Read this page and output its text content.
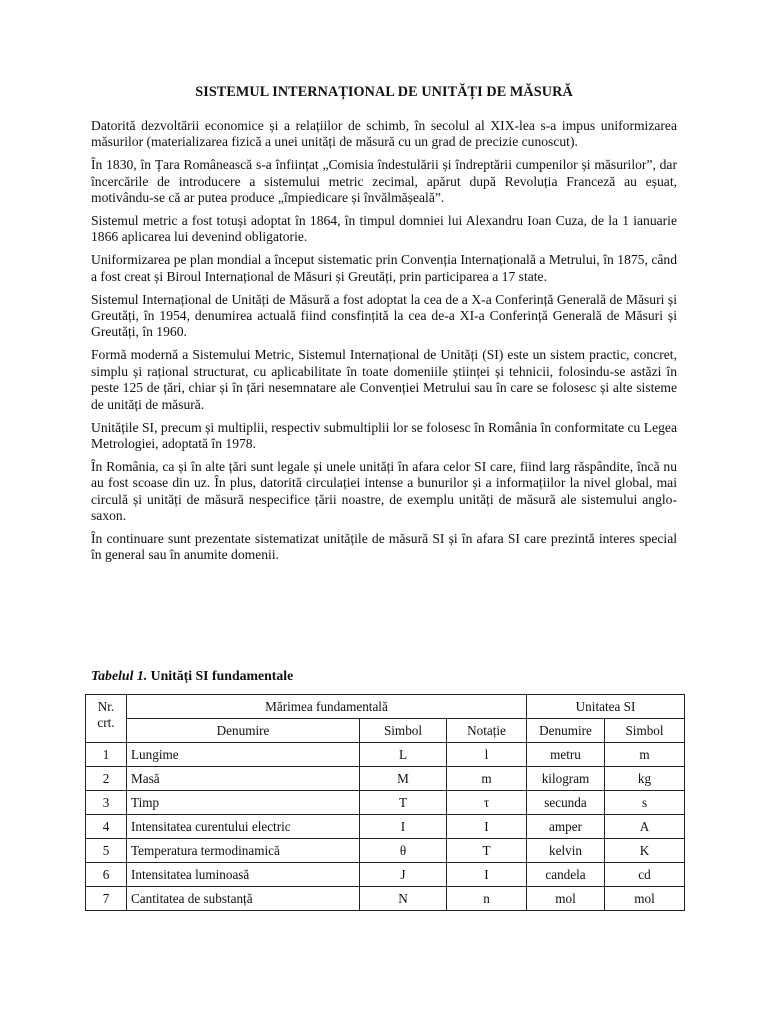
SISTEMUL INTERNAȚIONAL DE UNITĂȚI DE MĂSURĂ

Datorită dezvoltării economice și a relațiilor de schimb, în secolul al XIX-lea s-a impus uniformizarea măsurilor (materializarea fizică a unei unități de măsură cu un grad de precizie cunoscut).

În 1830, în Țara Românească s-a înființat „Comisia îndestulării și îndreptării cumpenilor și măsurilor”, dar încercările de introducere a sistemului metric zecimal, apărut după Revoluția Franceză au eșuat, motivându-se că ar putea produce „împiedicare și învălmășeală”.

Sistemul metric a fost totuși adoptat în 1864, în timpul domniei lui Alexandru Ioan Cuza, de la 1 ianuarie 1866 aplicarea lui devenind obligatorie.

Uniformizarea pe plan mondial a început sistematic prin Convenția Internațională a Metrului, în 1875, când a fost creat și Biroul Internațional de Măsuri și Greutăți, prin participarea a 17 state.

Sistemul Internațional de Unități de Măsură a fost adoptat la cea de a X-a Conferință Generală de Măsuri și Greutăți, în 1954, denumirea actuală fiind consfințită la cea de-a XI-a Conferință Generală de Măsuri și Greutăți, în 1960.

Formă modernă a Sistemului Metric, Sistemul Internațional de Unități (SI) este un sistem practic, concret, simplu și rațional structurat, cu aplicabilitate în toate domeniile științei și tehnicii, folosindu-se astăzi în peste 125 de țări, chiar și în țări nesemnatare ale Convenției Metrului sau în care se folosesc și alte sisteme de unități de măsură.

Unitățile SI, precum și multiplii, respectiv submultiplii lor se folosesc în România în conformitate cu Legea Metrologiei, adoptată în 1978.

În România, ca și în alte țări sunt legale și unele unități în afara celor SI care, fiind larg răspândite, încă nu au fost scoase din uz. În plus, datorită circulației intense a bunurilor și a informațiilor la nivel global, mai circulă și unități de măsură nespecifice țării noastre, de exemplu unități de măsură ale sistemului anglo-saxon.

În continuare sunt prezentate sistematizat unitățile de măsură SI și în afara SI care prezintă interes special în general sau în anumite domenii.

Tabelul 1. Unități SI fundamentale
Nr. crt.	Mărimea fundamentală			Unitatea SI	
	Denumire	Simbol	Notație	Denumire	Simbol
1	Lungime	L	l	metru	m
2	Masă	M	m	kilogram	kg
3	Timp	T	τ	secunda	s
4	Intensitatea curentului electric	I	I	amper	A
5	Temperatura termodinamică	θ	T	kelvin	K
6	Intensitatea luminoasă	J	I	candela	cd
7	Cantitatea de substanță	N	n	mol	mol
